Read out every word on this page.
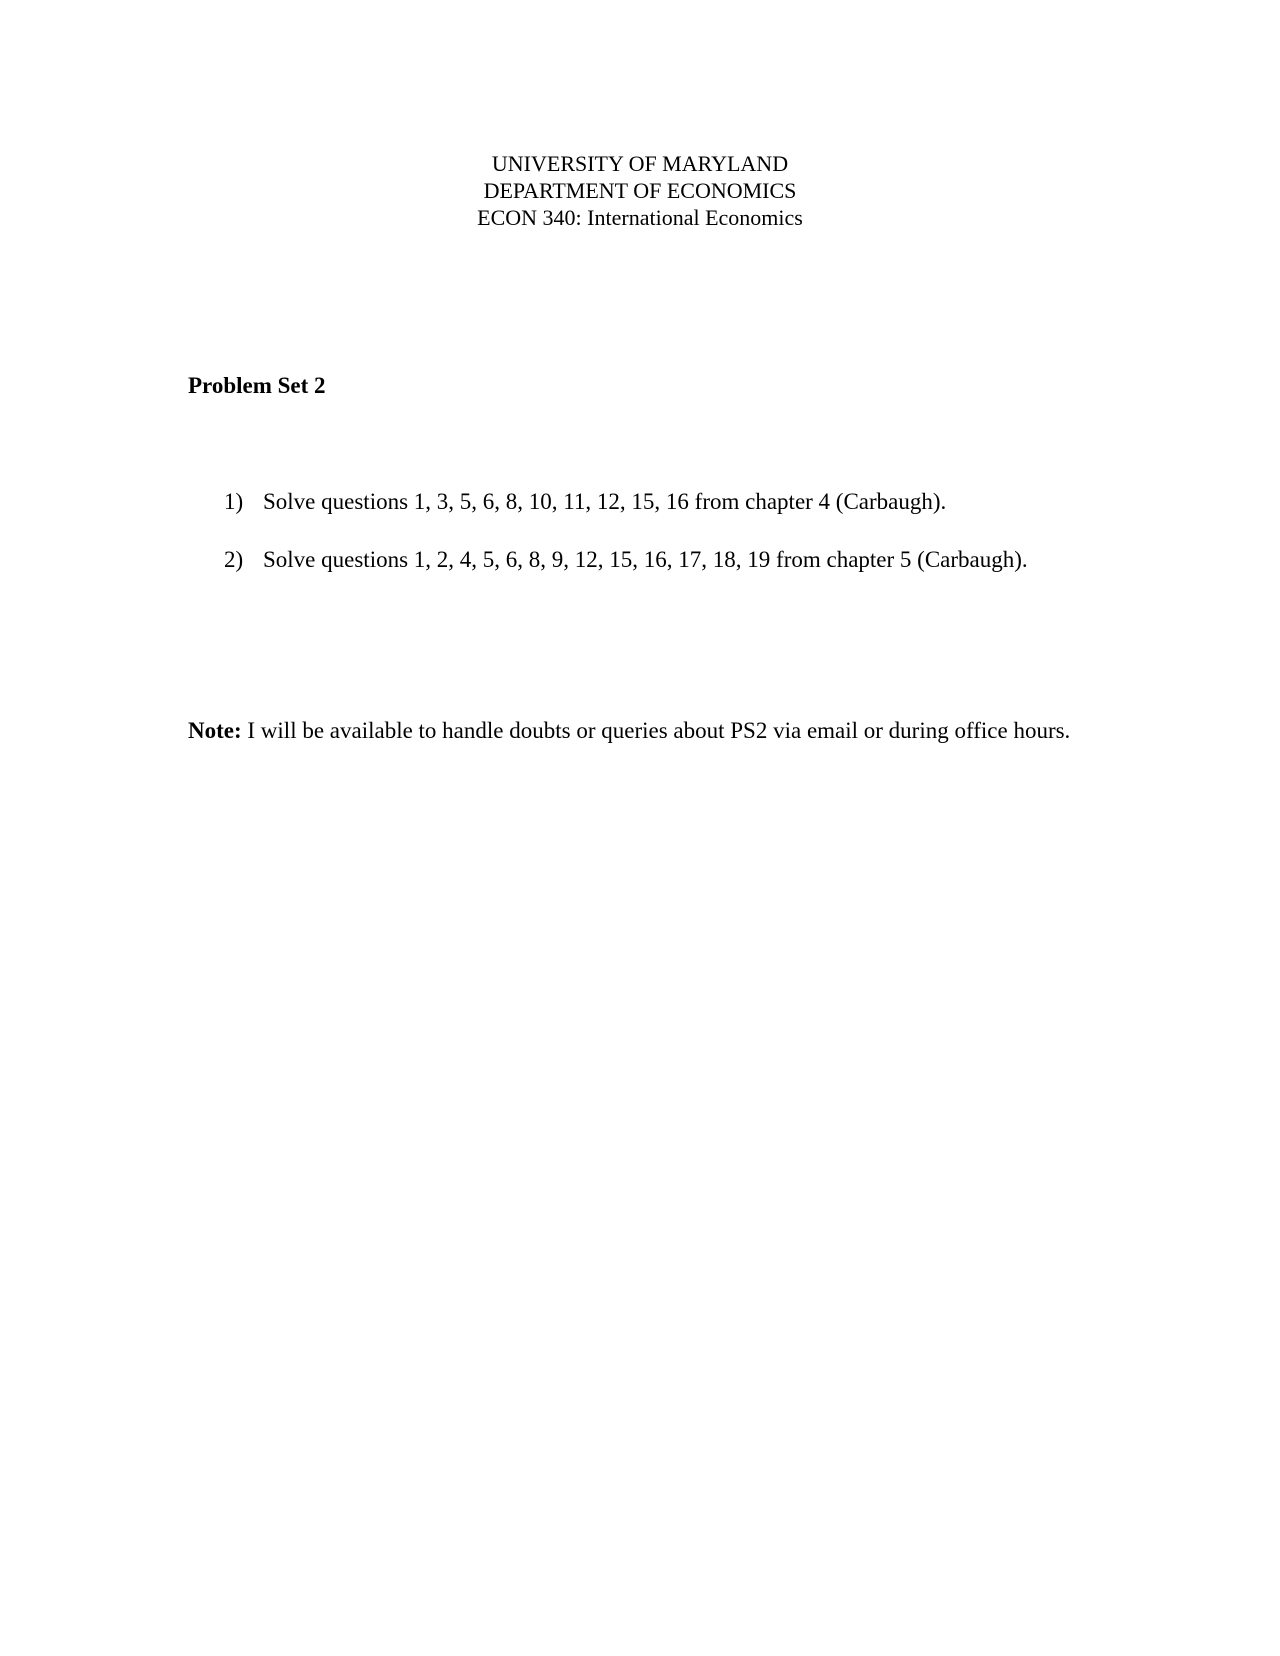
UNIVERSITY OF MARYLAND
DEPARTMENT OF ECONOMICS
ECON 340: International Economics
Problem Set 2
1) Solve questions 1, 3, 5, 6, 8, 10, 11, 12, 15, 16 from chapter 4 (Carbaugh).
2) Solve questions 1, 2, 4, 5, 6, 8, 9, 12, 15, 16, 17, 18, 19 from chapter 5 (Carbaugh).
Note: I will be available to handle doubts or queries about PS2 via email or during office hours.
